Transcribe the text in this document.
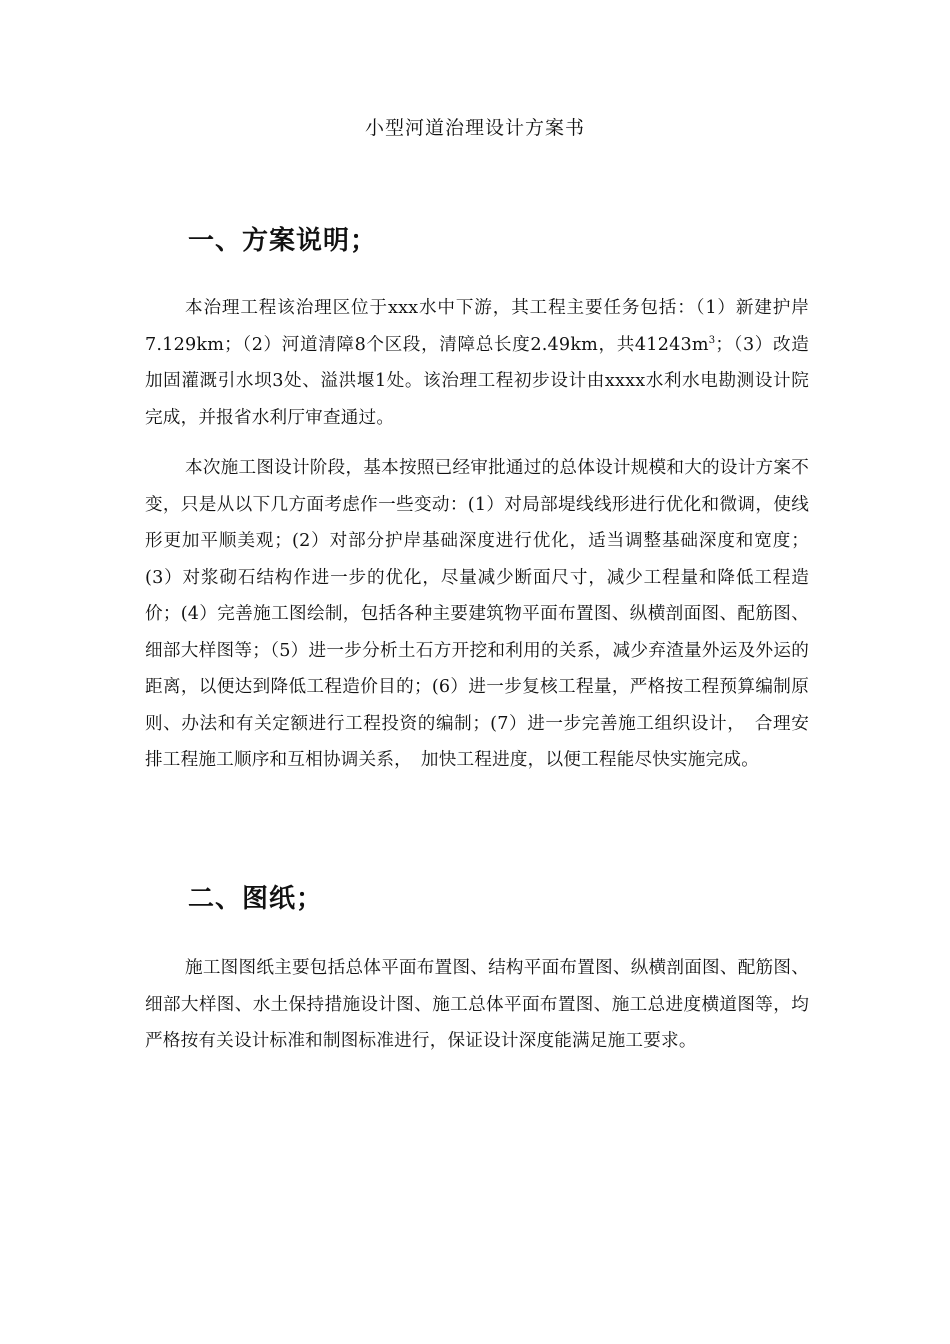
小型河道治理设计方案书
一、方案说明；
本治理工程该治理区位于xxx水中下游，其工程主要任务包括：（1）新建护岸7.129km；（2）河道清障8个区段，清障总长度2.49km，共$41243m^3$；（3）改造加固灌溉引水坝3处、溢洪堰1处。该治理工程初步设计由xxxx水利水电勘测设计院完成，并报省水利厅审查通过。
本次施工图设计阶段，基本按照已经审批通过的总体设计规模和大的设计方案不变，只是从以下几方面考虑作一些变动：(1）对局部堤线线形进行优化和微调，使线形更加平顺美观；(2）对部分护岸基础深度进行优化，适当调整基础深度和宽度；(3）对浆砌石结构作进一步的优化，尽量减少断面尺寸，减少工程量和降低工程造价；(4）完善施工图绘制，包括各种主要建筑物平面布置图、纵横剖面图、配筋图、细部大样图等；（5）进一步分析土石方开挖和利用的关系，减少弃渣量外运及外运的距离，以便达到降低工程造价目的；(6）进一步复核工程量，严格按工程预算编制原则、办法和有关定额进行工程投资的编制；(7）进一步完善施工组织设计，　合理安排工程施工顺序和互相协调关系，　加快工程进度，以便工程能尽快实施完成。
二、图纸；
施工图图纸主要包括总体平面布置图、结构平面布置图、纵横剖面图、配筋图、细部大样图、水土保持措施设计图、施工总体平面布置图、施工总进度横道图等，均严格按有关设计标准和制图标准进行，保证设计深度能满足施工要求。
